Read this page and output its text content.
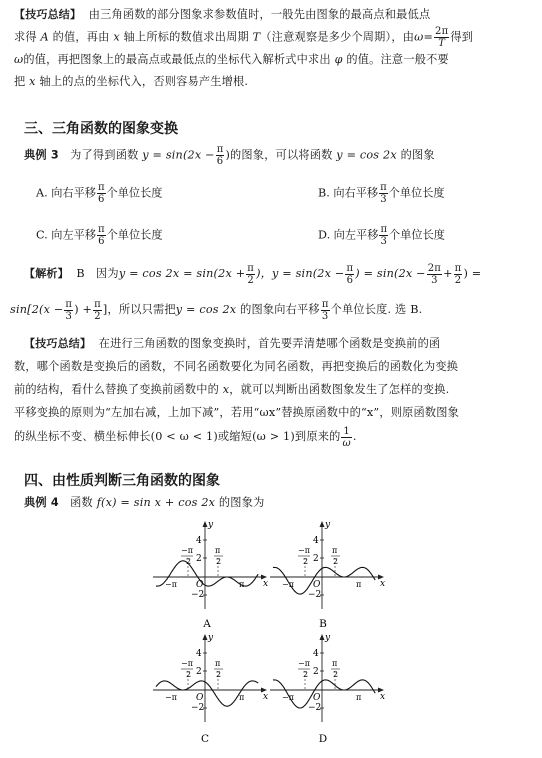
【技巧总结】 由三角函数的部分图象求参数值时，一般先由图象的最高点和最低点
求得 A 的值，再由 x 轴上所标的数值求出周期 T（注意观察是多少个周期），由$\omega= \frac{2\pi}{T}$ 得到
ω的值，再把图象上的最高点或最低点的坐标代入解析式中求出 φ 的值。注意一般不要
把 x 轴上的点的坐标代入，否则容易产生增根.
三、三角函数的图象变换
典例 3 为了得到函数 $y = \sin(2x - \frac{\pi}{6}$ )的图象，可以将函数 y = cos 2x 的图象
A. 向右平移 $\frac{\pi}{6}$ 个单位长度	B. 向右平移 $\frac{\pi}{3}$ 个单位长度
C. 向左平移 $\frac{\pi}{6}$ 个单位长度	D. 向左平移 $\frac{\pi}{3}$ 个单位长度
【解析】 B 因为$y = \cos 2x = \sin(2x + \frac{\pi}{2}$ )，$y = \sin(2x - \frac{\pi}{6}$ ) = $\sin(2x - \frac{2\pi}{3} + \frac{\pi}{2}$ ) =
$\sin[2(x - \frac{\pi}{3}$ ) + $\frac{\pi}{2}$ ]，所以只需把y = cos 2x 的图象向右平移 $\frac{\pi}{3}$ 个单位长度. 选 B.
【技巧总结】 在进行三角函数的图象变换时，首先要弄清楚哪个函数是变换前的函
数，哪个函数是变换后的函数，不同名函数要化为同名函数，再把变换后的函数化为变换
前的结构，看什么替换了变换前函数中的 x，就可以判断出函数图象发生了怎样的变换.
平移变换的原则为“左加右减，上加下减”，若用“ωx”替换原函数中的“x”，则原函数图象
的纵坐标不变、横坐标伸长(0 < ω < 1)或缩短(ω > 1)到原来的 $\frac{1}{\omega}$ .
四、由性质判断三角函数的图象
典例 4 函数 f(x) = sin x + cos 2x 的图象为
y
x
O
4
2
−2
−π	π
−π
2
π
2
A
y
x
O
4
2
−2
−π	π
−π
2
π
2
B
y
x
O
4
2
−2
−π	π
−π
2
π
2
C
y
x
O
4
2
−2
−π	π
−π
2
π
2
D
